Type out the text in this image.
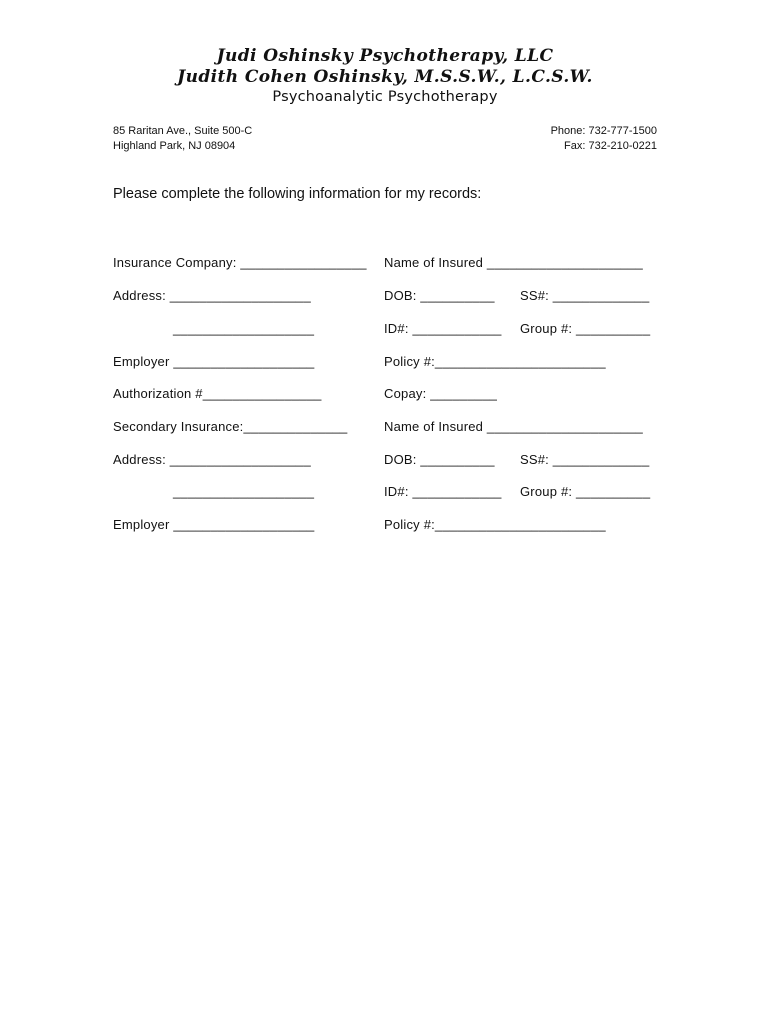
Judi Oshinsky Psychotherapy, LLC
Judith Cohen Oshinsky, M.S.S.W., L.C.S.W.
Psychoanalytic Psychotherapy
85 Raritan Ave., Suite 500-C
Highland Park, NJ 08904
Phone: 732-777-1500
Fax: 732-210-0221
Please complete the following information for my records:
Insurance Company: _________________ Name of Insured _____________________
Address: ___________________	DOB: __________ SS#: _____________
___________________	ID#: ____________ Group #: __________
Employer ___________________	Policy #:_______________________
Authorization #________________	Copay: _________
Secondary Insurance:______________	Name of Insured _____________________
Address: ___________________	DOB: __________ SS#: _____________
___________________	ID#: ____________ Group #: __________
Employer ___________________	Policy #:_______________________
